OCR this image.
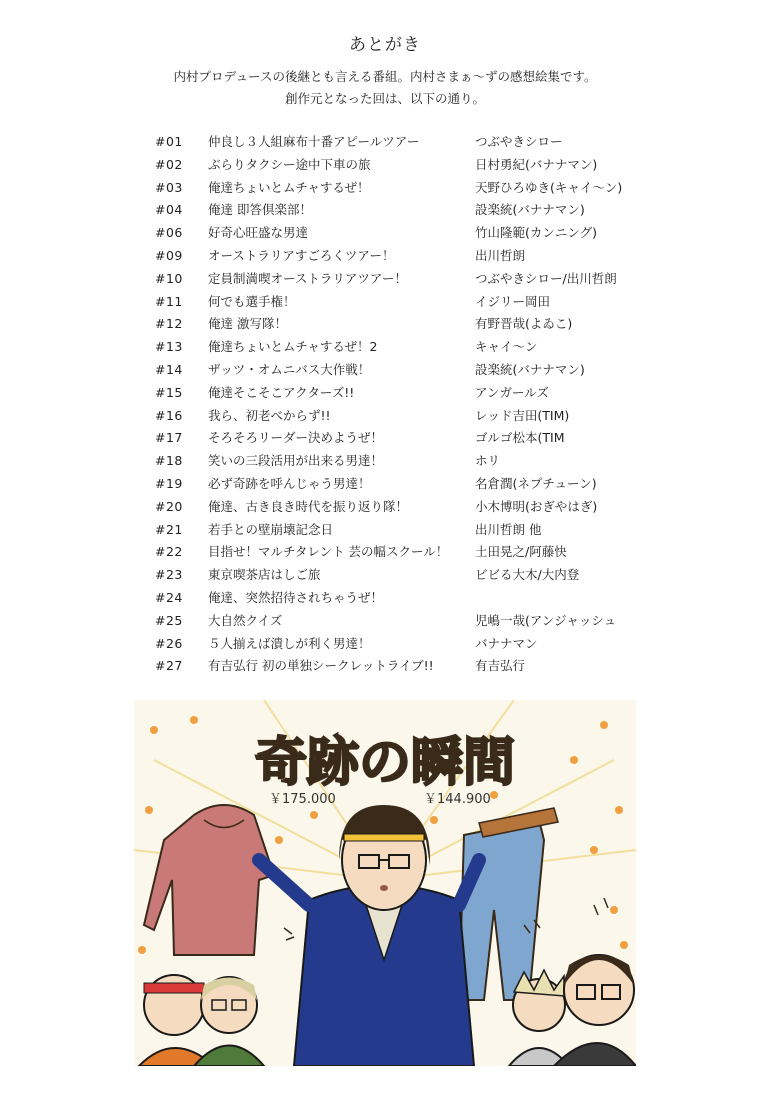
あとがき
内村プロデュースの後継とも言える番組。内村さまぁ～ずの感想絵集です。
創作元となった回は、以下の通り。
#01	仲良し３人組麻布十番アピールツアー	つぶやきシロー
#02	ぶらりタクシー途中下車の旅	日村勇紀(バナナマン)
#03	俺達ちょいとムチャするぜ！	天野ひろゆき(キャイ～ン)
#04	俺達 即答倶楽部！	設楽統(バナナマン)
#06	好奇心旺盛な男達	竹山隆範(カンニング)
#09	オーストラリアすごろくツアー！	出川哲朗
#10	定員制満喫オーストラリアツアー！	つぶやきシロー/出川哲朗
#11	何でも選手権！	イジリー岡田
#12	俺達 激写隊！	有野晋哉(よゐこ)
#13	俺達ちょいとムチャするぜ！2	キャイ～ン
#14	ザッツ・オムニバス大作戦！	設楽統(バナナマン)
#15	俺達そこそこアクターズ!!	アンガールズ
#16	我ら、初老べからず!!	レッド吉田(TIM)
#17	そろそろリーダー決めようぜ！	ゴルゴ松本(TIM
#18	笑いの三段活用が出来る男達！	ホリ
#19	必ず奇跡を呼んじゃう男達！	名倉潤(ネプチューン)
#20	俺達、古き良き時代を振り返り隊！	小木博明(おぎやはぎ)
#21	若手との壁崩壊記念日	出川哲朗 他
#22	目指せ！マルチタレント 芸の幅スクール！	土田晃之/阿藤快
#23	東京喫茶店はしご旅	ビビる大木/大内登
#24	俺達、突然招待されちゃうぜ！
#25	大自然クイズ	児嶋一哉(アンジャッシュ
#26	５人揃えば潰しが利く男達！	バナナマン
#27	有吉弘行 初の単独シークレットライブ!!	有吉弘行
奇跡の瞬間
￥175.000	￥144.900
